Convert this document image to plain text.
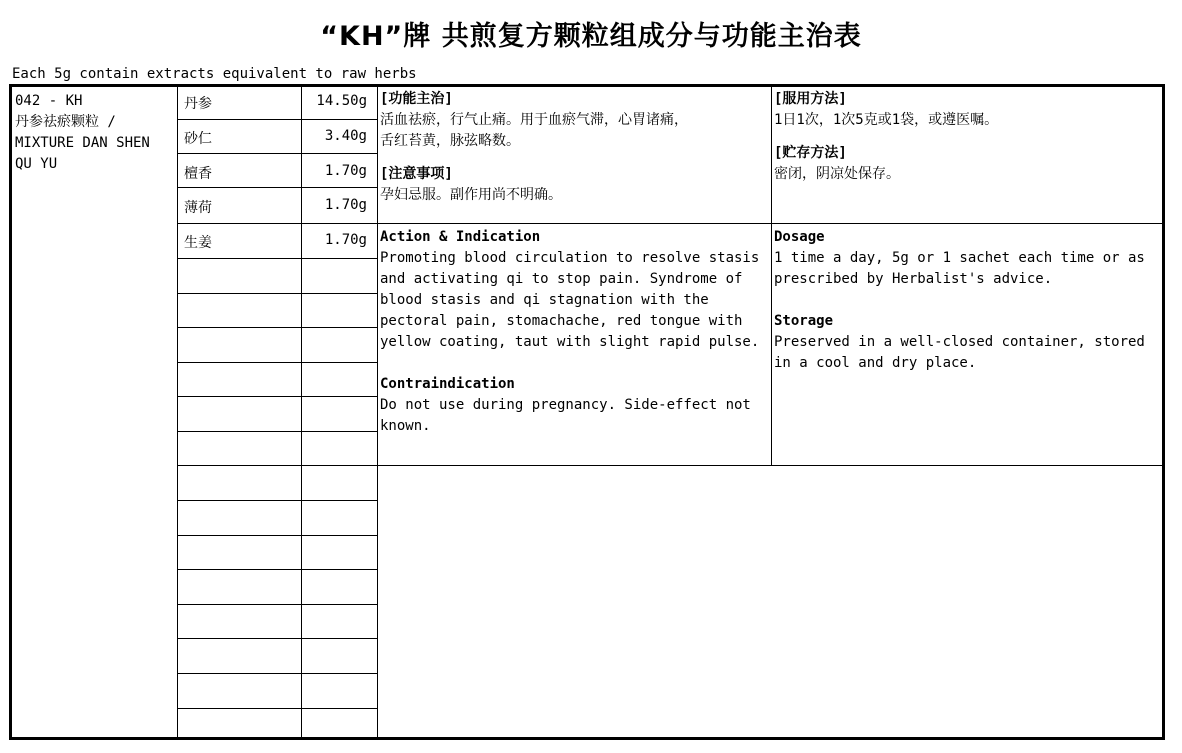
“KH”牌 共煎复方颗粒组成分与功能主治表
Each 5g contain extracts equivalent to raw herbs
042 - KH
丹参祛瘀颗粒 /
MIXTURE DAN SHEN
QU YU
丹参	14.50g
砂仁	3.40g
檀香	1.70g
薄荷	1.70g
生姜	1.70g
[功能主治]
活血祛瘀，行气止痛。用于血瘀气滞，心胃诸痛，
舌红苔黄，脉弦略数。
[注意事项]
孕妇忌服。副作用尚不明确。
[服用方法]
1日1次，1次5克或1袋，或遵医嘱。
[贮存方法]
密闭，阴凉处保存。
Action & Indication
Promoting blood circulation to resolve stasis
and activating qi to stop pain. Syndrome of
blood stasis and qi stagnation with the
pectoral pain, stomachache, red tongue with
yellow coating, taut with slight rapid pulse.
Contraindication
Do not use during pregnancy. Side-effect not
known.
Dosage
1 time a day, 5g or 1 sachet each time or as
prescribed by Herbalist's advice.
Storage
Preserved in a well-closed container, stored
in a cool and dry place.
